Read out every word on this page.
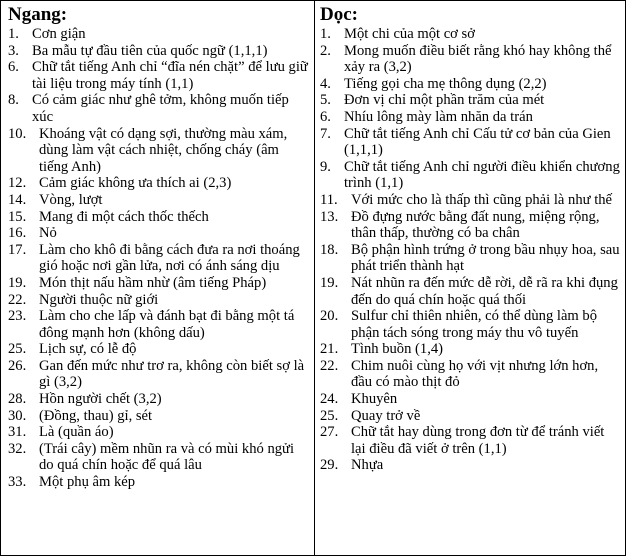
Ngang:
1. Cơn giận
3. Ba mẫu tự đầu tiên của quốc ngữ (1,1,1)
6. Chữ tắt tiếng Anh chỉ “đĩa nén chặt” để lưu giữ tài liệu trong máy tính (1,1)
8. Có cảm giác như ghê tởm, không muốn tiếp xúc
10. Khoáng vật có dạng sợi, thường màu xám, dùng làm vật cách nhiệt, chống cháy (âm tiếng Anh)
12. Cảm giác không ưa thích ai (2,3)
14. Vòng, lượt
15. Mang đi một cách thốc thếch
16. Nỏ
17. Làm cho khô đi bằng cách đưa ra nơi thoáng gió hoặc nơi gần lửa, nơi có ánh sáng dịu
19. Món thịt nấu hầm nhừ (âm tiếng Pháp)
22. Người thuộc nữ giới
23. Làm cho che lấp và đánh bạt đi bằng một tá đông mạnh hơn (không dấu)
25. Lịch sự, có lễ độ
26. Gan đến mức như trơ ra, không còn biết sợ là gì (3,2)
28. Hồn người chết (3,2)
30. (Đồng, thau) gỉ, sét
31. Là (quần áo)
32. (Trái cây) mềm nhũn ra và có mùi khó ngửi do quá chín hoặc để quá lâu
33. Một phụ âm kép
Dọc:
1. Một chi của một cơ sở
2. Mong muốn điều biết rằng khó hay không thể xảy ra (3,2)
4. Tiếng gọi cha mẹ thông dụng (2,2)
5. Đơn vị chỉ một phần trăm của mét
6. Nhíu lông mày làm nhăn da trán
7. Chữ tắt tiếng Anh chỉ Cấu tử cơ bản của Gien (1,1,1)
9. Chữ tắt tiếng Anh chỉ người điều khiển chương trình (1,1)
11. Với mức cho là thấp thì cũng phải là như thế
13. Đồ đựng nước bằng đất nung, miệng rộng, thân thấp, thường có ba chân
18. Bộ phận hình trứng ở trong bầu nhụy hoa, sau phát triển thành hạt
19. Nát nhũn ra đến mức dễ rời, dễ rã ra khi đụng đến do quá chín hoặc quá thối
20. Sulfur chỉ thiên nhiên, có thể dùng làm bộ phận tách sóng trong máy thu vô tuyến
21. Tình buồn (1,4)
22. Chim nuôi cùng họ với vịt nhưng lớn hơn, đầu có mào thịt đỏ
24. Khuyên
25. Quay trở về
27. Chữ tắt hay dùng trong đơn từ để tránh viết lại điều đã viết ở trên (1,1)
29. Nhựa
